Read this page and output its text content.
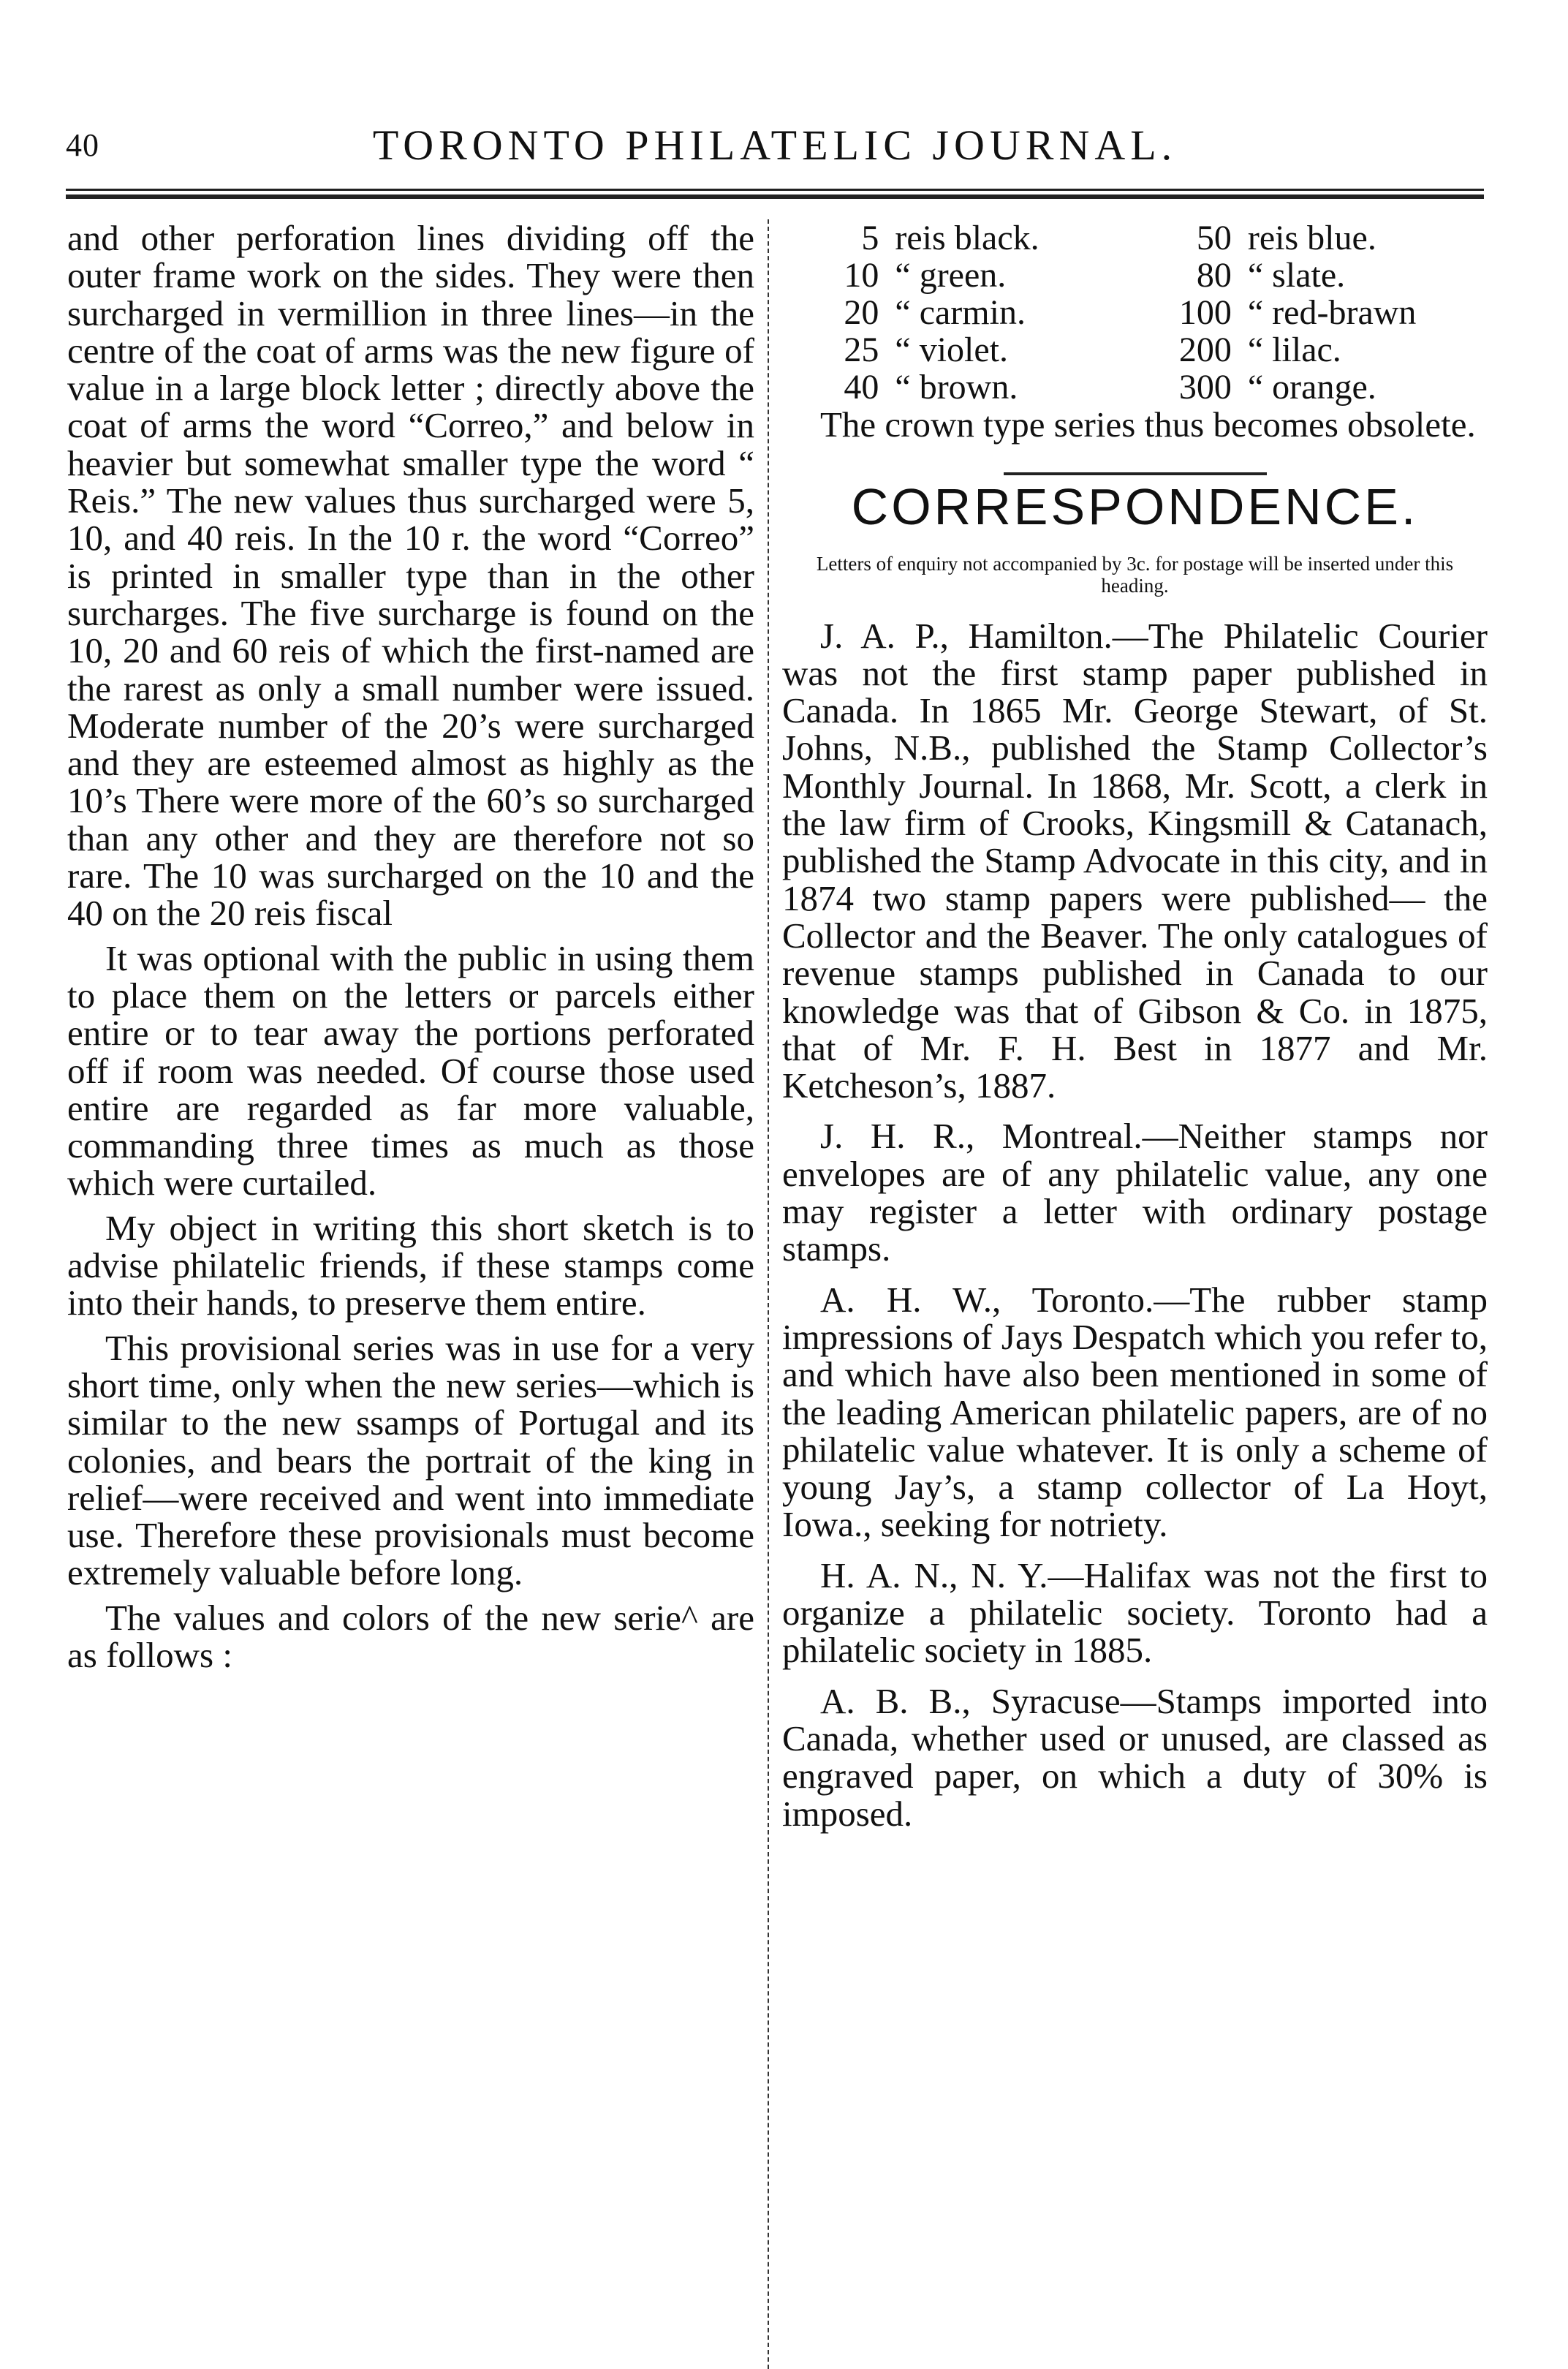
40	TORONTO PHILATELIC JOURNAL.

and other perforation lines dividing off the outer frame work on the sides. They were then surcharged in vermillion in three lines—in the centre of the coat of arms was the new figure of value in a large block letter ; directly above the coat of arms the word “Correo,” and below in heavier but somewhat smaller type the word “ Reis.” The new values thus surcharged were 5, 10, and 40 reis. In the 10 r. the word “Correo” is printed in smaller type than in the other surcharges. The five surcharge is found on the 10, 20 and 60 reis of which the first-named are the rarest as only a small number were issued. Moderate number of the 20’s were surcharged and they are esteemed almost as highly as the 10’s There were more of the 60’s so surcharged than any other and they are therefore not so rare. The 10 was surcharged on the 10 and the 40 on the 20 reis fiscal

It was optional with the public in using them to place them on the letters or parcels either entire or to tear away the portions perforated off if room was needed. Of course those used entire are regarded as far more valuable, commanding three times as much as those which were curtailed.

My object in writing this short sketch is to advise philatelic friends, if these stamps come into their hands, to preserve them entire.

This provisional series was in use for a very short time, only when the new series—which is similar to the new ssamps of Portugal and its colonies, and bears the portrait of the king in relief—were received and went into immediate use. Therefore these provisionals must become extremely valuable before long.

The values and colors of the new serie^ are as follows :

5	reis black.	50	reis blue.
10	“ green.	80	“ slate.
20	“ carmin.	100	“ red-brawn
25	“ violet.	200	“ lilac.
40	“ brown.	300	“ orange.

The crown type series thus becomes obsolete.

CORRESPONDENCE.
Letters of enquiry not accompanied by 3c. for postage will be inserted under this heading.

J. A. P., Hamilton.—The Philatelic Courier was not the first stamp paper published in Canada. In 1865 Mr. George Stewart, of St. Johns, N.B., published the Stamp Collector’s Monthly Journal. In 1868, Mr. Scott, a clerk in the law firm of Crooks, Kingsmill & Catanach, published the Stamp Advocate in this city, and in 1874 two stamp papers were published— the Collector and the Beaver. The only catalogues of revenue stamps published in Canada to our knowledge was that of Gibson & Co. in 1875, that of Mr. F. H. Best in 1877 and Mr. Ketcheson’s, 1887.

J. H. R., Montreal.—Neither stamps nor envelopes are of any philatelic value, any one may register a letter with ordinary postage stamps.

A. H. W., Toronto.—The rubber stamp impressions of Jays Despatch which you refer to, and which have also been mentioned in some of the leading American philatelic papers, are of no philatelic value whatever. It is only a scheme of young Jay’s, a stamp collector of La Hoyt, Iowa., seeking for notriety.

H. A. N., N. Y.—Halifax was not the first to organize a philatelic society. Toronto had a philatelic society in 1885.

A. B. B., Syracuse—Stamps imported into Canada, whether used or unused, are classed as engraved paper, on which a duty of 30% is imposed.
